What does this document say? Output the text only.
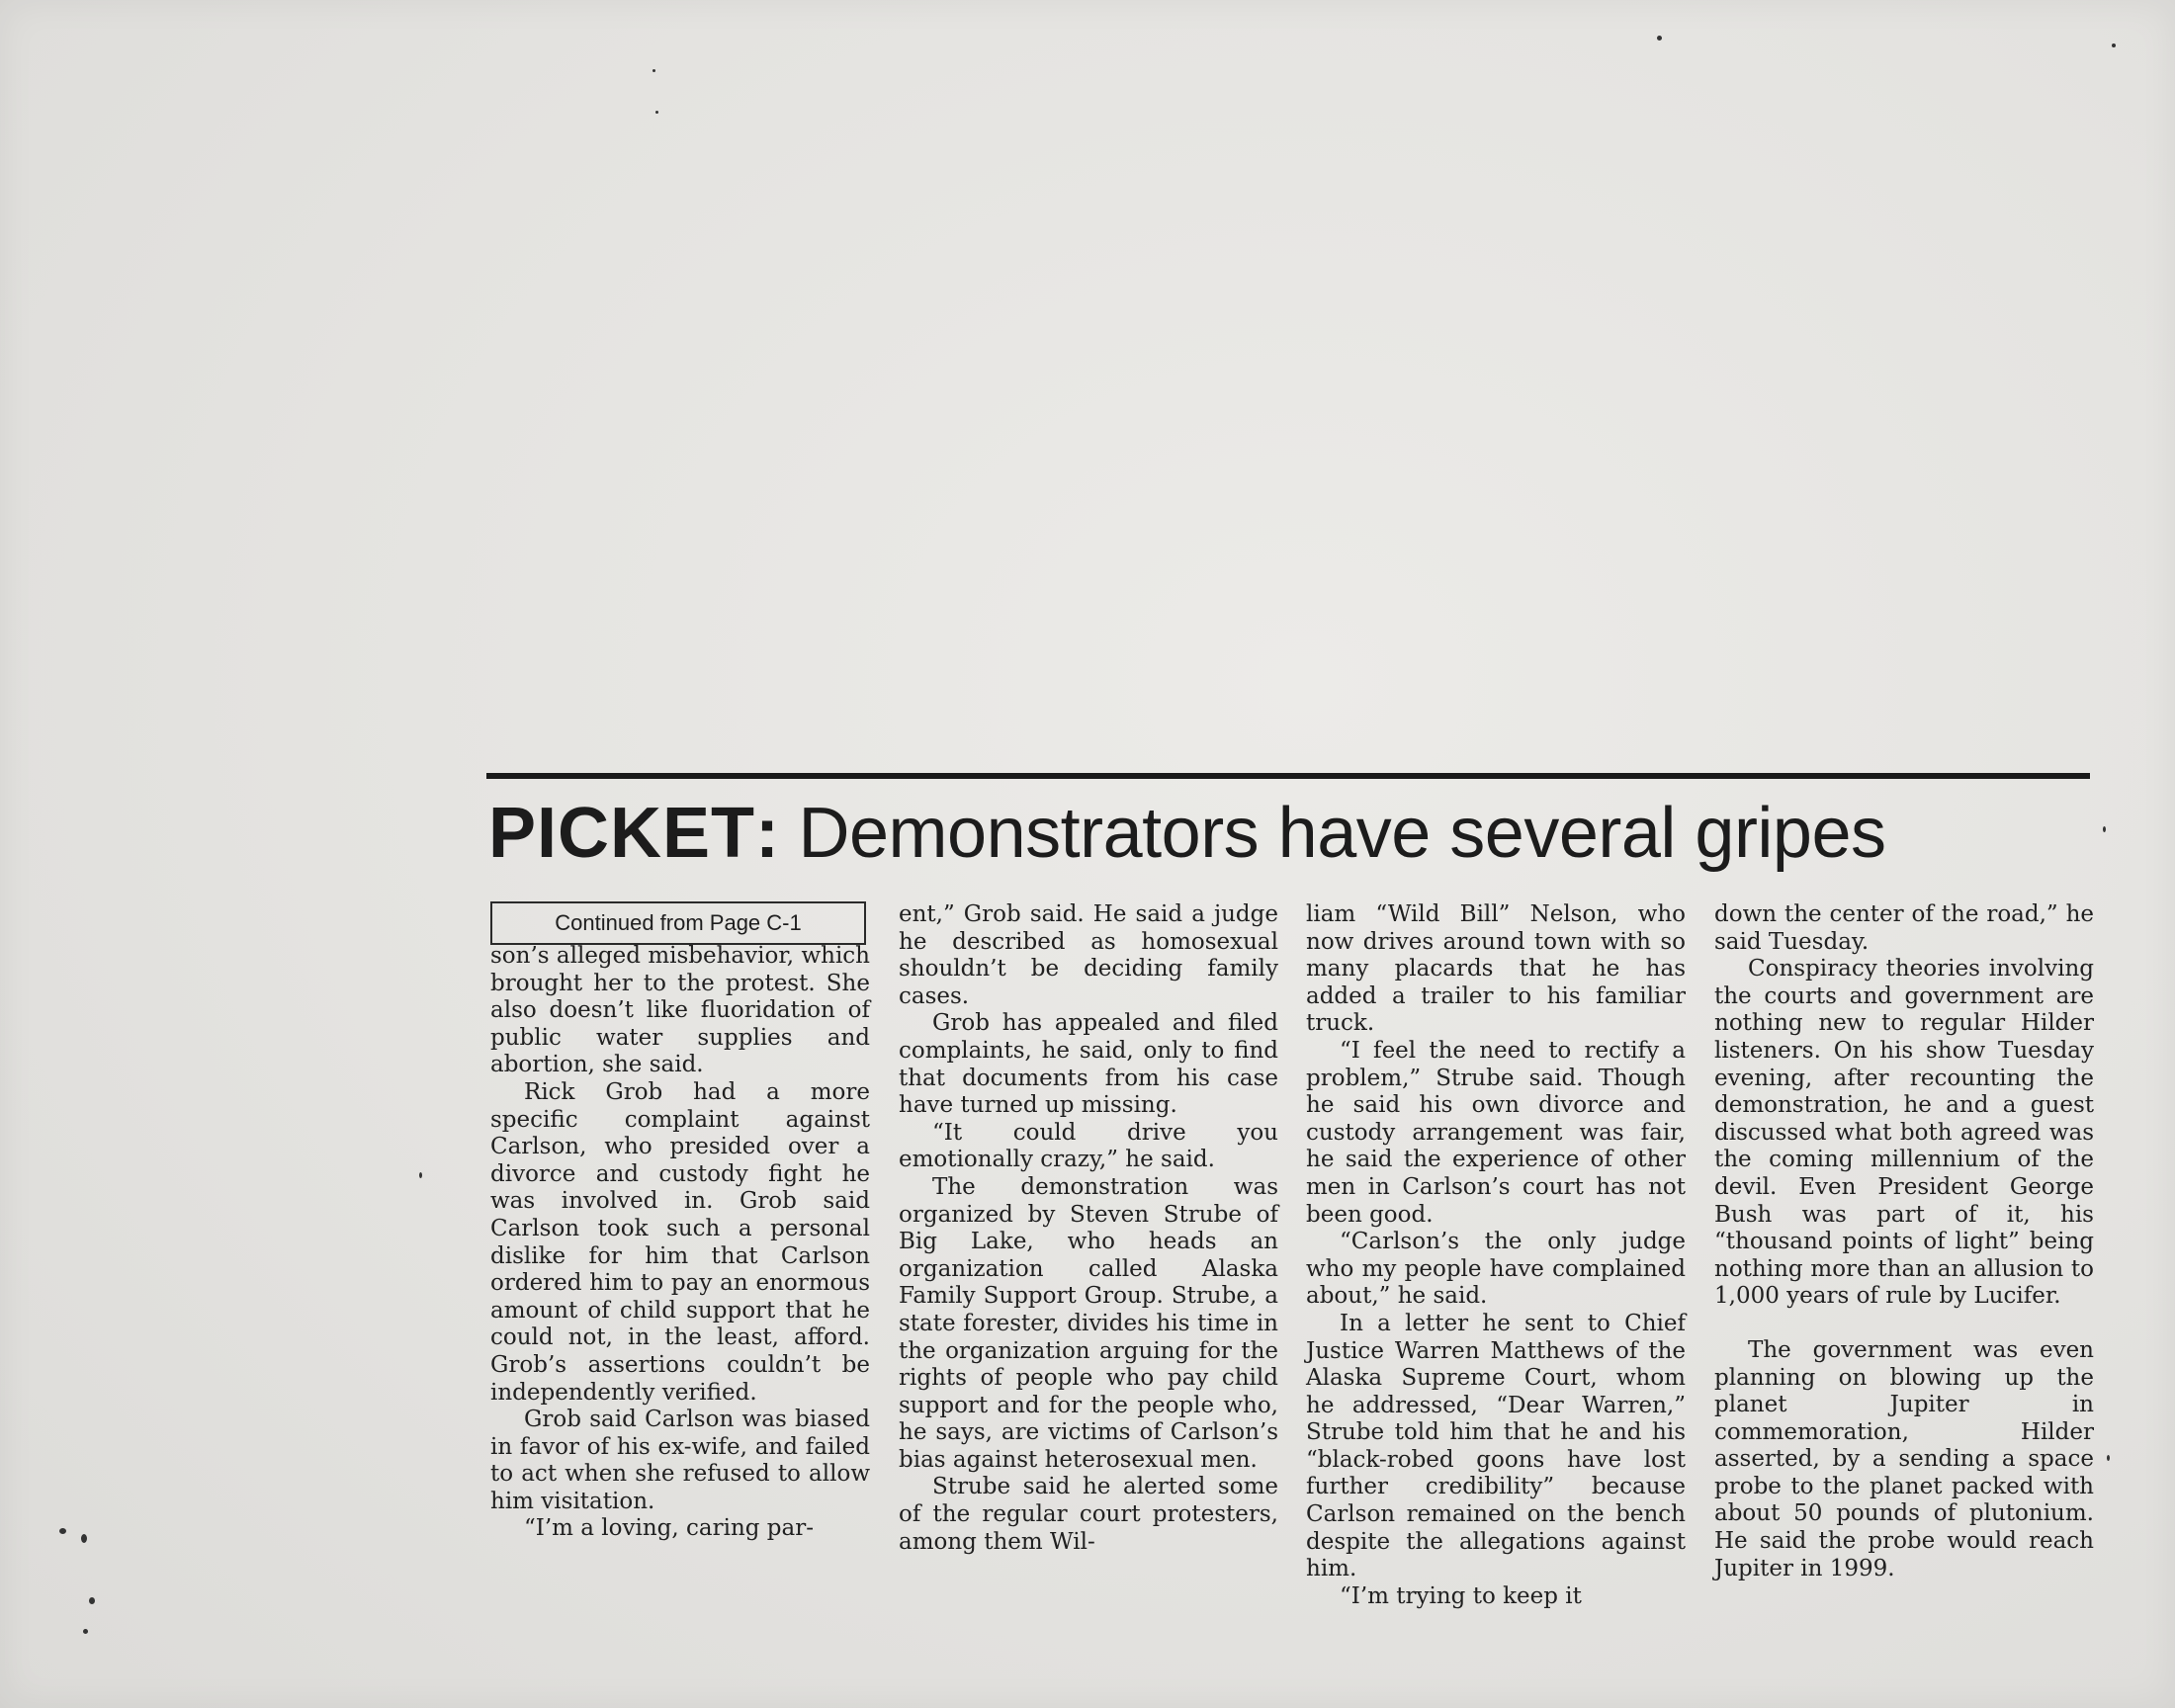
PICKET: Demonstrators have several gripes
Continued from Page C-1

son’s alleged misbehavior, which brought her to the protest. She also doesn’t like fluoridation of public water supplies and abortion, she said.

Rick Grob had a more specific complaint against Carlson, who presided over a divorce and custody fight he was involved in. Grob said Carlson took such a personal dislike for him that Carlson ordered him to pay an enormous amount of child support that he could not, in the least, afford. Grob’s assertions couldn’t be independently verified.

Grob said Carlson was biased in favor of his ex-wife, and failed to act when she refused to allow him visitation.

“I’m a loving, caring par-

ent,” Grob said. He said a judge he described as homosexual shouldn’t be deciding family cases.

Grob has appealed and filed complaints, he said, only to find that documents from his case have turned up missing.

“It could drive you emotionally crazy,” he said.

The demonstration was organized by Steven Strube of Big Lake, who heads an organization called Alaska Family Support Group. Strube, a state forester, divides his time in the organization arguing for the rights of people who pay child support and for the people who, he says, are victims of Carlson’s bias against heterosexual men.

Strube said he alerted some of the regular court protesters, among them Wil-

liam “Wild Bill” Nelson, who now drives around town with so many placards that he has added a trailer to his familiar truck.

“I feel the need to rectify a problem,” Strube said. Though he said his own divorce and custody arrangement was fair, he said the experience of other men in Carlson’s court has not been good.

“Carlson’s the only judge who my people have complained about,” he said.

In a letter he sent to Chief Justice Warren Matthews of the Alaska Supreme Court, whom he addressed, “Dear Warren,” Strube told him that he and his “black-robed goons have lost further credibility” because Carlson remained on the bench despite the allegations against him.

“I’m trying to keep it

down the center of the road,” he said Tuesday.

Conspiracy theories involving the courts and government are nothing new to regular Hilder listeners. On his show Tuesday evening, after recounting the demonstration, he and a guest discussed what both agreed was the coming millennium of the devil. Even President George Bush was part of it, his “thousand points of light” being nothing more than an allusion to 1,000 years of rule by Lucifer.

The government was even planning on blowing up the planet Jupiter in commemoration, Hilder asserted, by a sending a space probe to the planet packed with about 50 pounds of plutonium. He said the probe would reach Jupiter in 1999.
